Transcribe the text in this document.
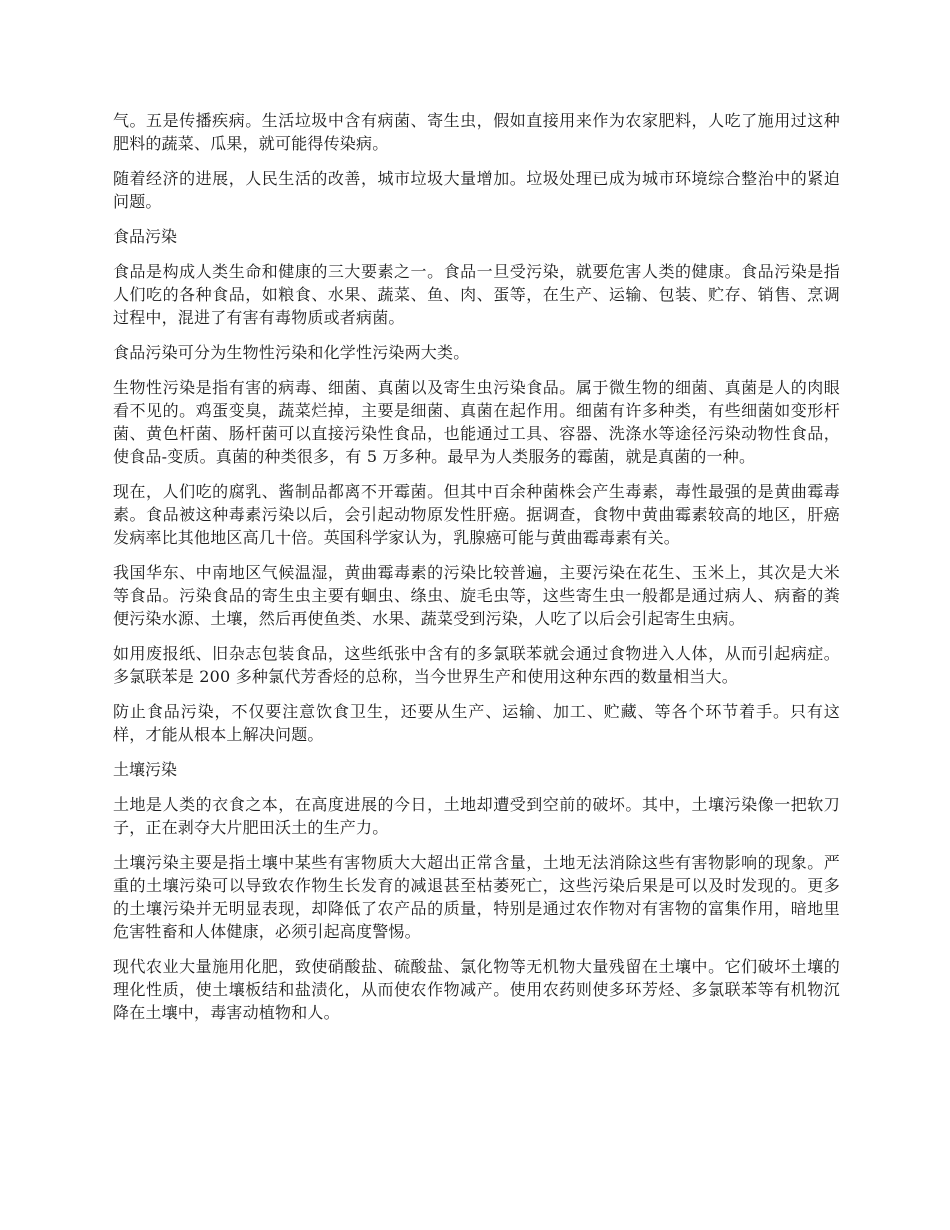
气。五是传播疾病。生活垃圾中含有病菌、寄生虫，假如直接用来作为农家肥料，人吃了施用过这种肥料的蔬菜、瓜果，就可能得传染病。

随着经济的进展，人民生活的改善，城市垃圾大量增加。垃圾处理已成为城市环境综合整治中的紧迫问题。

食品污染

食品是构成人类生命和健康的三大要素之一。食品一旦受污染，就要危害人类的健康。食品污染是指人们吃的各种食品，如粮食、水果、蔬菜、鱼、肉、蛋等，在生产、运输、包装、贮存、销售、烹调过程中，混进了有害有毒物质或者病菌。

食品污染可分为生物性污染和化学性污染两大类。

生物性污染是指有害的病毒、细菌、真菌以及寄生虫污染食品。属于微生物的细菌、真菌是人的肉眼看不见的。鸡蛋变臭，蔬菜烂掉，主要是细菌、真菌在起作用。细菌有许多种类，有些细菌如变形杆菌、黄色杆菌、肠杆菌可以直接污染性食品，也能通过工具、容器、洗涤水等途径污染动物性食品，使食品-变质。真菌的种类很多，有 5 万多种。最早为人类服务的霉菌，就是真菌的一种。

现在，人们吃的腐乳、酱制品都离不开霉菌。但其中百余种菌株会产生毒素，毒性最强的是黄曲霉毒素。食品被这种毒素污染以后，会引起动物原发性肝癌。据调查，食物中黄曲霉素较高的地区，肝癌发病率比其他地区高几十倍。英国科学家认为，乳腺癌可能与黄曲霉毒素有关。

我国华东、中南地区气候温湿，黄曲霉毒素的污染比较普遍，主要污染在花生、玉米上，其次是大米等食品。污染食品的寄生虫主要有蛔虫、绦虫、旋毛虫等，这些寄生虫一般都是通过病人、病畜的粪便污染水源、土壤，然后再使鱼类、水果、蔬菜受到污染，人吃了以后会引起寄生虫病。

如用废报纸、旧杂志包装食品，这些纸张中含有的多氯联苯就会通过食物进入人体，从而引起病症。多氯联苯是 200 多种氯代芳香烃的总称，当今世界生产和使用这种东西的数量相当大。

防止食品污染，不仅要注意饮食卫生，还要从生产、运输、加工、贮藏、等各个环节着手。只有这样，才能从根本上解决问题。

土壤污染

土地是人类的衣食之本，在高度进展的今日，土地却遭受到空前的破坏。其中，土壤污染像一把软刀子，正在剥夺大片肥田沃土的生产力。

土壤污染主要是指土壤中某些有害物质大大超出正常含量，土地无法消除这些有害物影响的现象。严重的土壤污染可以导致农作物生长发育的减退甚至枯萎死亡，这些污染后果是可以及时发现的。更多的土壤污染并无明显表现，却降低了农产品的质量，特别是通过农作物对有害物的富集作用，暗地里危害牲畜和人体健康，必须引起高度警惕。

现代农业大量施用化肥，致使硝酸盐、硫酸盐、氯化物等无机物大量残留在土壤中。它们破坏土壤的理化性质，使土壤板结和盐渍化，从而使农作物减产。使用农药则使多环芳烃、多氯联苯等有机物沉降在土壤中，毒害动植物和人。
